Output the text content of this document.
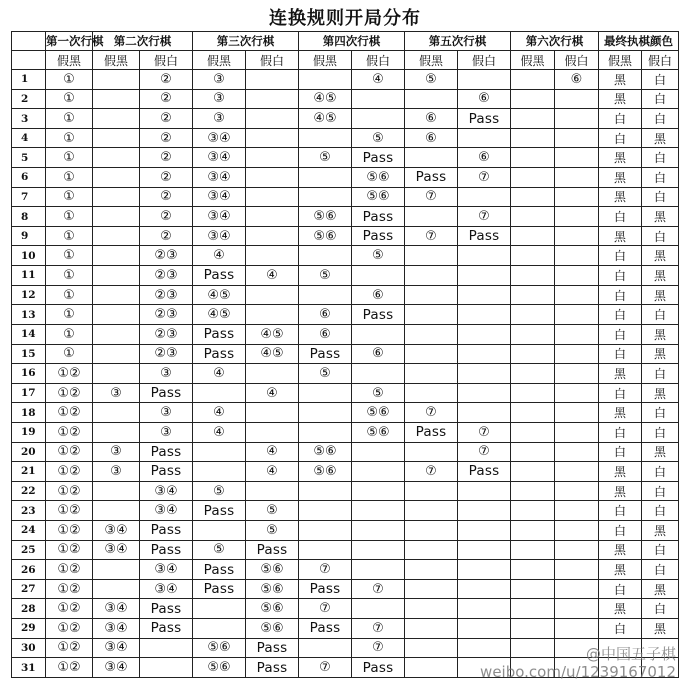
连换规则开局分布
	第一次行棋	第二次行棋		第三次行棋		第四次行棋		第五次行棋		第六次行棋		最终执棋颜色	
	假黑	假黑	假白	假黑	假白	假黑	假白	假黑	假白	假黑	假白	假黑	假白
1	①		②	③			④	⑤			⑥	黑	白
2	①		②	③		④⑤			⑥			黑	白
3	①		②	③		④⑤		⑥	Pass			白	白
4	①		②	③④			⑤	⑥				白	黑
5	①		②	③④		⑤	Pass		⑥			黑	白
6	①		②	③④			⑤⑥	Pass	⑦			黑	白
7	①		②	③④			⑤⑥	⑦				黑	白
8	①		②	③④		⑤⑥	Pass		⑦			白	黑
9	①		②	③④		⑤⑥	Pass	⑦	Pass			黑	白
10	①		②③	④			⑤					白	黑
11	①		②③	Pass	④	⑤						白	黑
12	①		②③	④⑤			⑥					白	黑
13	①		②③	④⑤		⑥	Pass					白	白
14	①		②③	Pass	④⑤	⑥						白	黑
15	①		②③	Pass	④⑤	Pass	⑥					白	黑
16	①②		③	④		⑤						黑	白
17	①②	③	Pass		④		⑤					白	黑
18	①②		③	④			⑤⑥	⑦				黑	白
19	①②		③	④			⑤⑥	Pass	⑦			白	白
20	①②	③	Pass		④	⑤⑥			⑦			白	黑
21	①②	③	Pass		④	⑤⑥		⑦	Pass			黑	白
22	①②		③④	⑤								黑	白
23	①②		③④	Pass	⑤							白	白
24	①②	③④	Pass		⑤							白	黑
25	①②	③④	Pass	⑤	Pass							黑	白
26	①②		③④	Pass	⑤⑥	⑦						黑	白
27	①②		③④	Pass	⑤⑥	Pass	⑦					白	黑
28	①②	③④	Pass		⑤⑥	⑦						黑	白
29	①②	③④	Pass		⑤⑥	Pass	⑦					白	黑
30	①②	③④		⑤⑥	Pass		⑦						
31	①②	③④		⑤⑥	Pass	⑦	Pass						
@中国五子棋
weibo.com/u/1239167012
